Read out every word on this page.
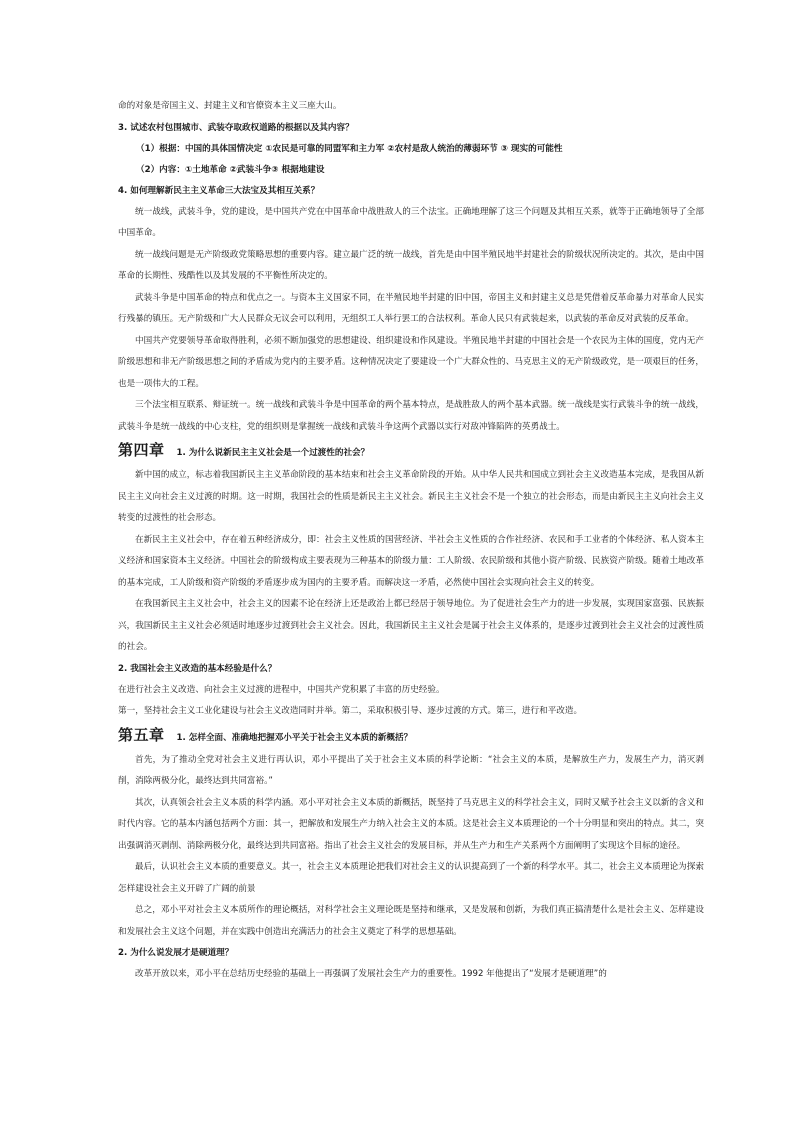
命的对象是帝国主义、封建主义和官僚资本主义三座大山。
3. 试述农村包围城市、武装夺取政权道路的根据以及其内容？
（1）根据：中国的具体国情决定 ①农民是可靠的同盟军和主力军 ②农村是敌人统治的薄弱环节 ③ 现实的可能性
（2）内容：①土地革命 ②武装斗争③ 根据地建设
4. 如何理解新民主主义革命三大法宝及其相互关系？
统一战线，武装斗争，党的建设，是中国共产党在中国革命中战胜敌人的三个法宝。正确地理解了这三个问题及其相互关系，就等于正确地领导了全部中国革命。
统一战线问题是无产阶级政党策略思想的重要内容。建立最广泛的统一战线，首先是由中国半殖民地半封建社会的阶级状况所决定的。其次，是由中国革命的长期性、残酷性以及其发展的不平衡性所决定的。
武装斗争是中国革命的特点和优点之一。与资本主义国家不同，在半殖民地半封建的旧中国，帝国主义和封建主义总是凭借着反革命暴力对革命人民实行残暴的镇压。无产阶级和广大人民群众无议会可以利用，无组织工人举行罢工的合法权利。革命人民只有武装起来，以武装的革命反对武装的反革命。
中国共产党要领导革命取得胜利，必须不断加强党的思想建设、组织建设和作风建设。半殖民地半封建的中国社会是一个农民为主体的国度，党内无产阶级思想和非无产阶级思想之间的矛盾成为党内的主要矛盾。这种情况决定了要建设一个广大群众性的、马克思主义的无产阶级政党，是一项艰巨的任务，也是一项伟大的工程。
三个法宝相互联系、辩证统一。统一战线和武装斗争是中国革命的两个基本特点，是战胜敌人的两个基本武器。统一战线是实行武装斗争的统一战线，武装斗争是统一战线的中心支柱，党的组织则是掌握统一战线和武装斗争这两个武器以实行对敌冲锋陷阵的英勇战士。
第四章 1. 为什么说新民主主义社会是一个过渡性的社会？
新中国的成立，标志着我国新民主主义革命阶段的基本结束和社会主义革命阶段的开始。从中华人民共和国成立到社会主义改造基本完成，是我国从新民主主义向社会主义过渡的时期。这一时期，我国社会的性质是新民主主义社会。新民主主义社会不是一个独立的社会形态，而是由新民主主义向社会主义转变的过渡性的社会形态。
在新民主主义社会中，存在着五种经济成分，即：社会主义性质的国营经济、半社会主义性质的合作社经济、农民和手工业者的个体经济、私人资本主义经济和国家资本主义经济。中国社会的阶级构成主要表现为三种基本的阶级力量：工人阶级、农民阶级和其他小资产阶级、民族资产阶级。随着土地改革的基本完成，工人阶级和资产阶级的矛盾逐步成为国内的主要矛盾。而解决这一矛盾，必然使中国社会实现向社会主义的转变。
在我国新民主主义社会中，社会主义的因素不论在经济上还是政治上都已经居于领导地位。为了促进社会生产力的进一步发展，实现国家富强、民族振兴，我国新民主主义社会必须适时地逐步过渡到社会主义社会。因此，我国新民主主义社会是属于社会主义体系的，是逐步过渡到社会主义社会的过渡性质的社会。
2. 我国社会主义改造的基本经验是什么？
在进行社会主义改造、向社会主义过渡的进程中，中国共产党积累了丰富的历史经验。
第一，坚持社会主义工业化建设与社会主义改造同时并举。第二，采取积极引导、逐步过渡的方式。第三，进行和平改造。
第五章 1. 怎样全面、准确地把握邓小平关于社会主义本质的新概括？
首先，为了推动全党对社会主义进行再认识，邓小平提出了关于社会主义本质的科学论断：“社会主义的本质，是解放生产力，发展生产力，消灭剥削，消除两极分化，最终达到共同富裕。”
其次，认真领会社会主义本质的科学内涵。邓小平对社会主义本质的新概括，既坚持了马克思主义的科学社会主义，同时又赋予社会主义以新的含义和时代内容。它的基本内涵包括两个方面：其一，把解放和发展生产力纳入社会主义的本质。这是社会主义本质理论的一个十分明显和突出的特点。其二，突出强调消灭剥削、消除两极分化，最终达到共同富裕。指出了社会主义社会的发展目标，并从生产力和生产关系两个方面阐明了实现这个目标的途径。
最后，认识社会主义本质的重要意义。其一，社会主义本质理论把我们对社会主义的认识提高到了一个新的科学水平。其二，社会主义本质理论为探索怎样建设社会主义开辟了广阔的前景
总之，邓小平对社会主义本质所作的理论概括，对科学社会主义理论既是坚持和继承，又是发展和创新，为我们真正搞清楚什么是社会主义、怎样建设和发展社会主义这个问题，并在实践中创造出充满活力的社会主义奠定了科学的思想基础。
2. 为什么说发展才是硬道理？
改革开放以来，邓小平在总结历史经验的基础上一再强调了发展社会生产力的重要性。1992 年他提出了“发展才是硬道理”的
